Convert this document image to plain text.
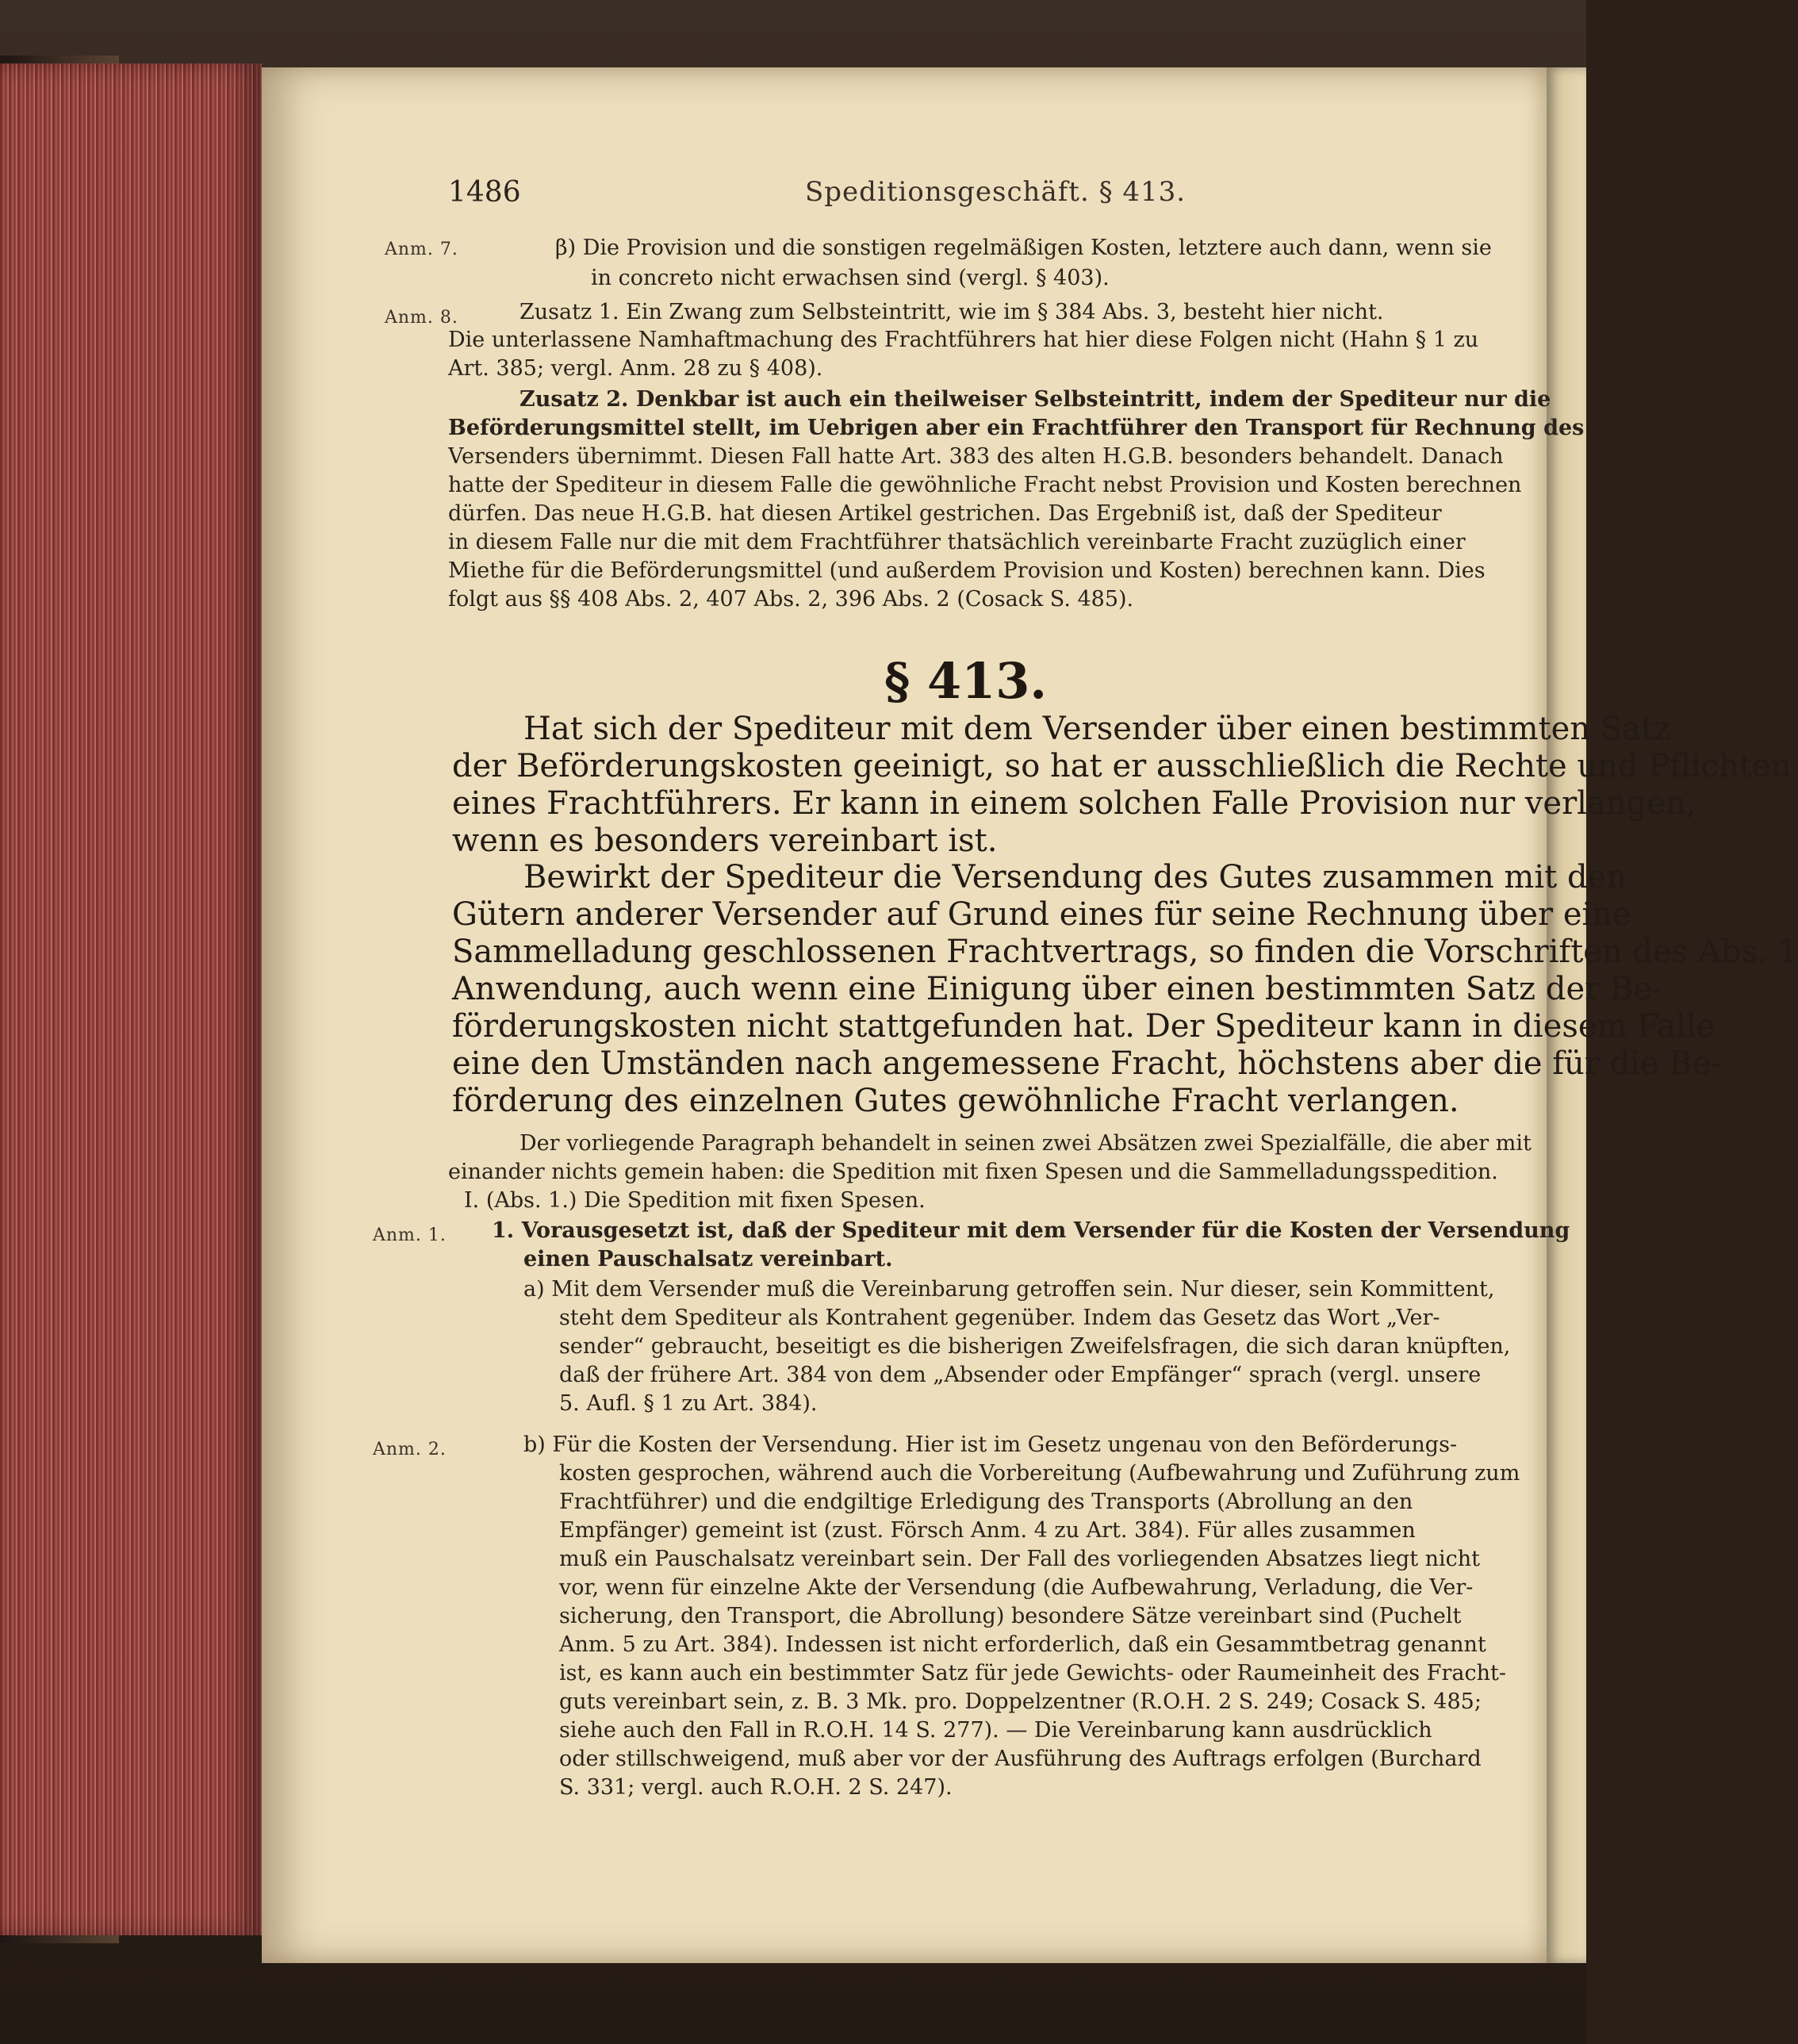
1486	Speditionsgeschäft. § 413.
Anm. 7.
Anm. 8.
Anm. 1.
Anm. 2.
β) Die Provision und die sonstigen regelmäßigen Kosten, letztere auch dann, wenn sie
in concreto nicht erwachsen sind (vergl. § 403).
Zusatz 1. Ein Zwang zum Selbsteintritt, wie im § 384 Abs. 3, besteht hier nicht.
Die unterlassene Namhaftmachung des Frachtführers hat hier diese Folgen nicht (Hahn § 1 zu
Art. 385; vergl. Anm. 28 zu § 408).
Zusatz 2. Denkbar ist auch ein theilweiser Selbsteintritt, indem der Spediteur nur die
Beförderungsmittel stellt, im Uebrigen aber ein Frachtführer den Transport für Rechnung des
Versenders übernimmt. Diesen Fall hatte Art. 383 des alten H.G.B. besonders behandelt. Danach
hatte der Spediteur in diesem Falle die gewöhnliche Fracht nebst Provision und Kosten berechnen
dürfen. Das neue H.G.B. hat diesen Artikel gestrichen. Das Ergebniß ist, daß der Spediteur
in diesem Falle nur die mit dem Frachtführer thatsächlich vereinbarte Fracht zuzüglich einer
Miethe für die Beförderungsmittel (und außerdem Provision und Kosten) berechnen kann. Dies
folgt aus §§ 408 Abs. 2, 407 Abs. 2, 396 Abs. 2 (Cosack S. 485).
§ 413.
Hat sich der Spediteur mit dem Versender über einen bestimmten Satz
der Beförderungskosten geeinigt, so hat er ausschließlich die Rechte und Pflichten
eines Frachtführers. Er kann in einem solchen Falle Provision nur verlangen,
wenn es besonders vereinbart ist.
Bewirkt der Spediteur die Versendung des Gutes zusammen mit den
Gütern anderer Versender auf Grund eines für seine Rechnung über eine
Sammelladung geschlossenen Frachtvertrags, so finden die Vorschriften des Abs. 1
Anwendung, auch wenn eine Einigung über einen bestimmten Satz der Be-
förderungskosten nicht stattgefunden hat. Der Spediteur kann in diesem Falle
eine den Umständen nach angemessene Fracht, höchstens aber die für die Be-
förderung des einzelnen Gutes gewöhnliche Fracht verlangen.
Der vorliegende Paragraph behandelt in seinen zwei Absätzen zwei Spezialfälle, die aber mit
einander nichts gemein haben: die Spedition mit fixen Spesen und die Sammelladungsspedition.
I. (Abs. 1.) Die Spedition mit fixen Spesen.
1. Vorausgesetzt ist, daß der Spediteur mit dem Versender für die Kosten der Versendung
einen Pauschalsatz vereinbart.
a) Mit dem Versender muß die Vereinbarung getroffen sein. Nur dieser, sein Kommittent,
steht dem Spediteur als Kontrahent gegenüber. Indem das Gesetz das Wort „Ver-
sender“ gebraucht, beseitigt es die bisherigen Zweifelsfragen, die sich daran knüpften,
daß der frühere Art. 384 von dem „Absender oder Empfänger“ sprach (vergl. unsere
5. Aufl. § 1 zu Art. 384).
b) Für die Kosten der Versendung. Hier ist im Gesetz ungenau von den Beförderungs-
kosten gesprochen, während auch die Vorbereitung (Aufbewahrung und Zuführung zum
Frachtführer) und die endgiltige Erledigung des Transports (Abrollung an den
Empfänger) gemeint ist (zust. Försch Anm. 4 zu Art. 384). Für alles zusammen
muß ein Pauschalsatz vereinbart sein. Der Fall des vorliegenden Absatzes liegt nicht
vor, wenn für einzelne Akte der Versendung (die Aufbewahrung, Verladung, die Ver-
sicherung, den Transport, die Abrollung) besondere Sätze vereinbart sind (Puchelt
Anm. 5 zu Art. 384). Indessen ist nicht erforderlich, daß ein Gesammtbetrag genannt
ist, es kann auch ein bestimmter Satz für jede Gewichts- oder Raumeinheit des Fracht-
guts vereinbart sein, z. B. 3 Mk. pro. Doppelzentner (R.O.H. 2 S. 249; Cosack S. 485;
siehe auch den Fall in R.O.H. 14 S. 277). — Die Vereinbarung kann ausdrücklich
oder stillschweigend, muß aber vor der Ausführung des Auftrags erfolgen (Burchard
S. 331; vergl. auch R.O.H. 2 S. 247).
